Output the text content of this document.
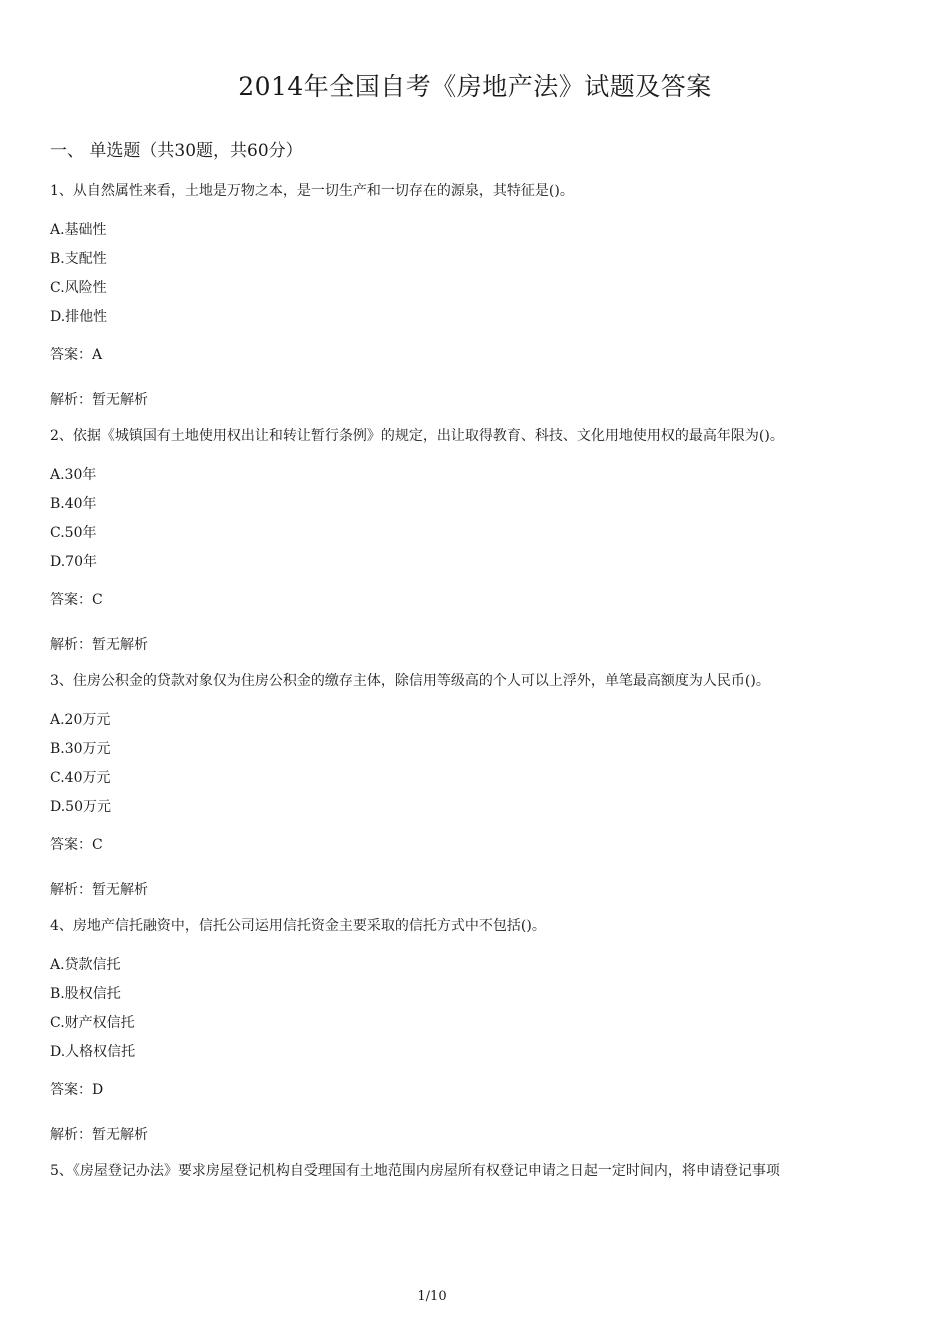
2014年全国自考《房地产法》试题及答案
一、 单选题（共30题，共60分）
1、从自然属性来看，土地是万物之本，是一切生产和一切存在的源泉，其特征是()。
A.基础性
B.支配性
C.风险性
D.排他性
答案：A
解析：暂无解析
2、依据《城镇国有土地使用权出让和转让暂行条例》的规定，出让取得教育、科技、文化用地使用权的最高年限为()。
A.30年
B.40年
C.50年
D.70年
答案：C
解析：暂无解析
3、住房公积金的贷款对象仅为住房公积金的缴存主体，除信用等级高的个人可以上浮外，单笔最高额度为人民币()。
A.20万元
B.30万元
C.40万元
D.50万元
答案：C
解析：暂无解析
4、房地产信托融资中，信托公司运用信托资金主要采取的信托方式中不包括()。
A.贷款信托
B.股权信托
C.财产权信托
D.人格权信托
答案：D
解析：暂无解析
5、《房屋登记办法》要求房屋登记机构自受理国有土地范围内房屋所有权登记申请之日起一定时间内，将申请登记事项
1/10
